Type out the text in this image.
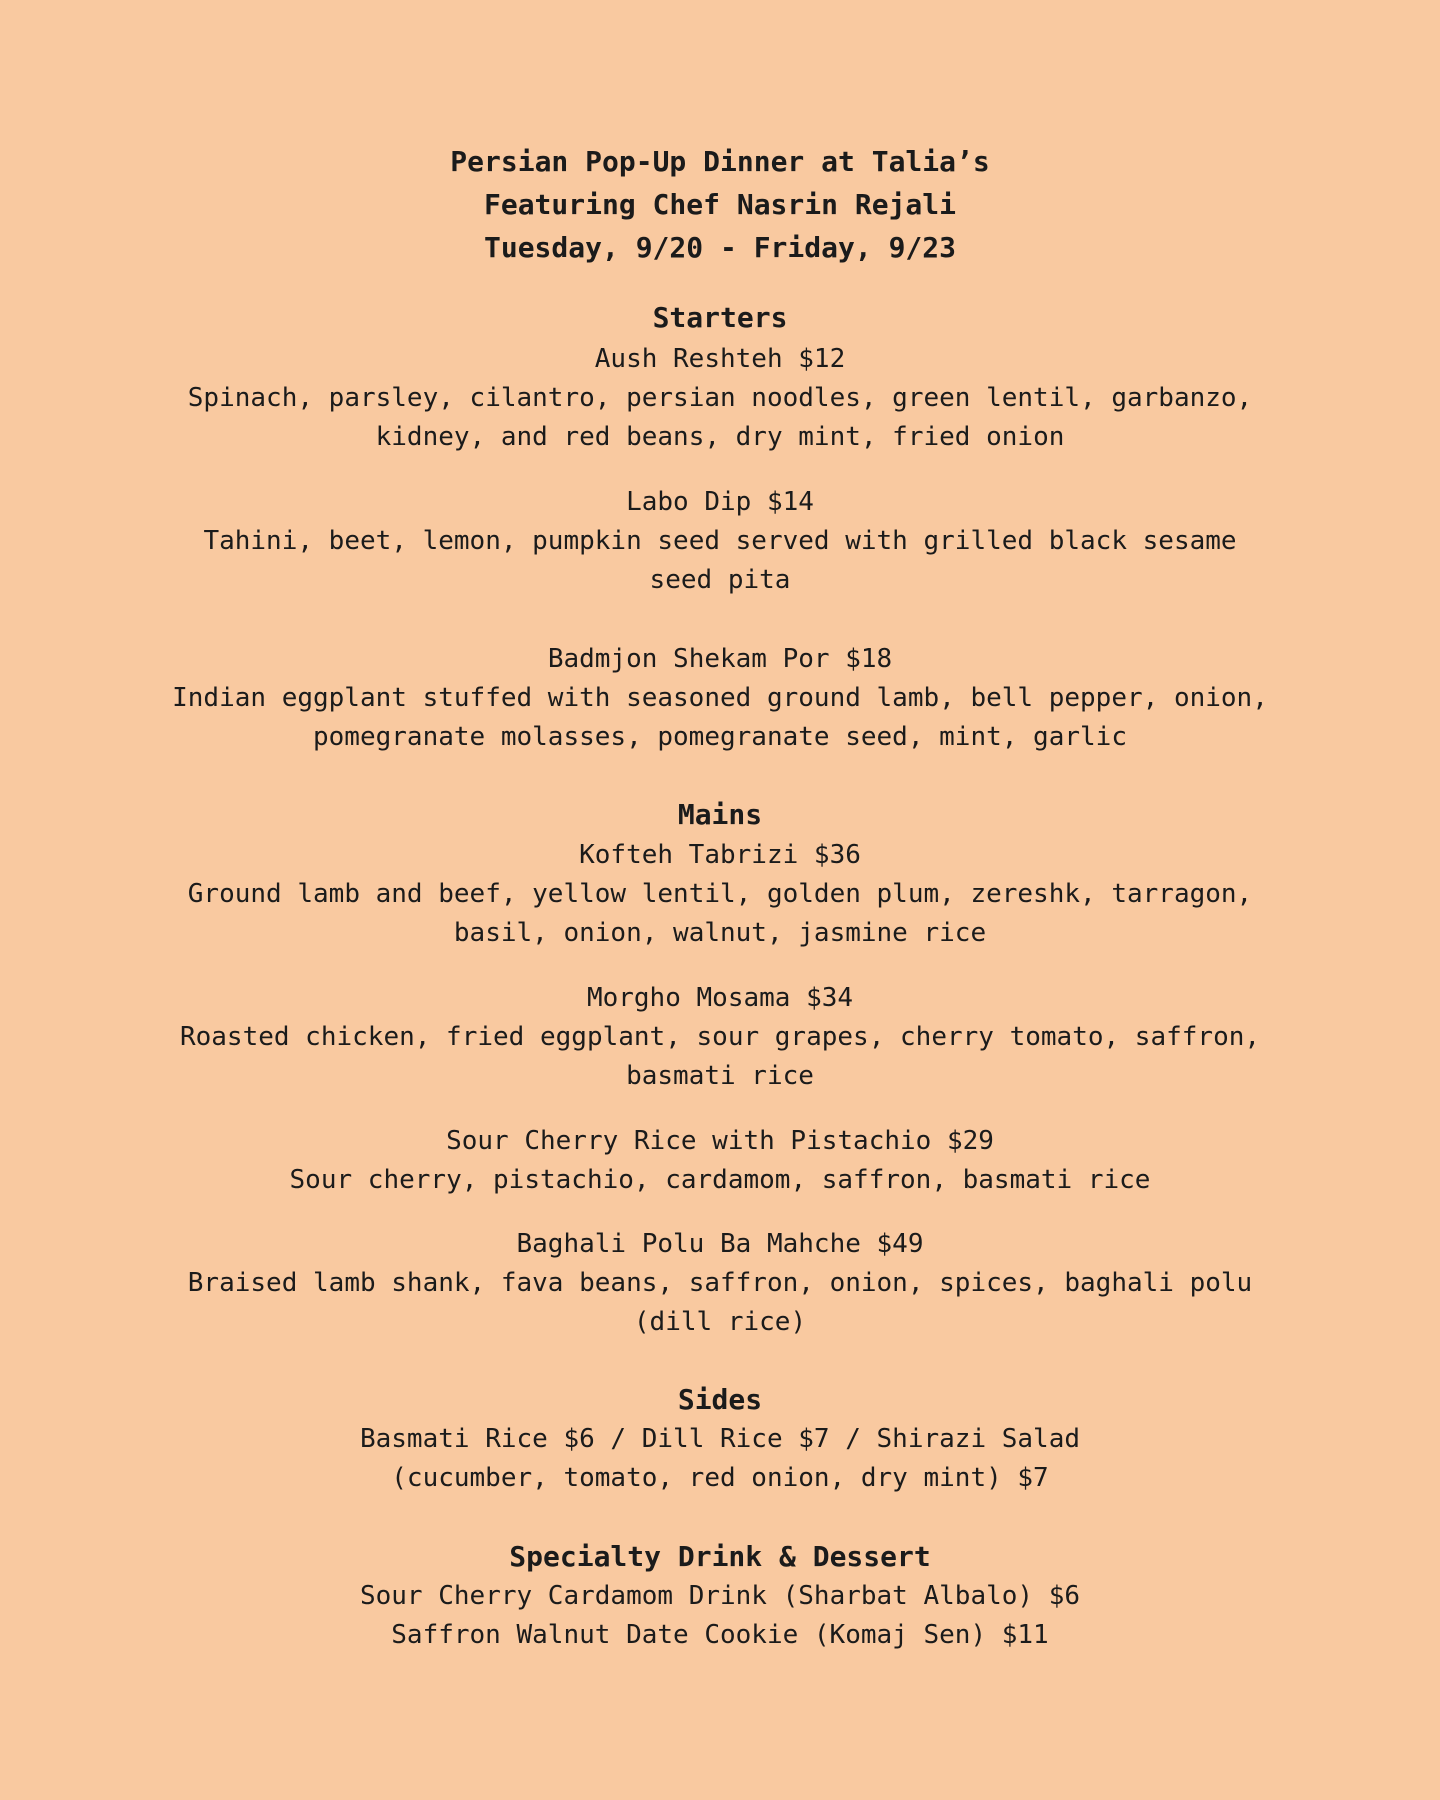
Persian Pop-Up Dinner at Talia’s
Featuring Chef Nasrin Rejali
Tuesday, 9/20 - Friday, 9/23
Starters
Aush Reshteh $12
Spinach, parsley, cilantro, persian noodles, green lentil, garbanzo,
kidney, and red beans, dry mint, fried onion
Labo Dip $14
Tahini, beet, lemon, pumpkin seed served with grilled black sesame
seed pita
Badmjon Shekam Por $18
Indian eggplant stuffed with seasoned ground lamb, bell pepper, onion,
pomegranate molasses, pomegranate seed, mint, garlic
Mains
Kofteh Tabrizi $36
Ground lamb and beef, yellow lentil, golden plum, zereshk, tarragon,
basil, onion, walnut, jasmine rice
Morgho Mosama $34
Roasted chicken, fried eggplant, sour grapes, cherry tomato, saffron,
basmati rice
Sour Cherry Rice with Pistachio $29
Sour cherry, pistachio, cardamom, saffron, basmati rice
Baghali Polu Ba Mahche $49
Braised lamb shank, fava beans, saffron, onion, spices, baghali polu
(dill rice)
Sides
Basmati Rice $6 / Dill Rice $7 / Shirazi Salad
(cucumber, tomato, red onion, dry mint) $7
Specialty Drink & Dessert
Sour Cherry Cardamom Drink (Sharbat Albalo) $6
Saffron Walnut Date Cookie (Komaj Sen) $11
